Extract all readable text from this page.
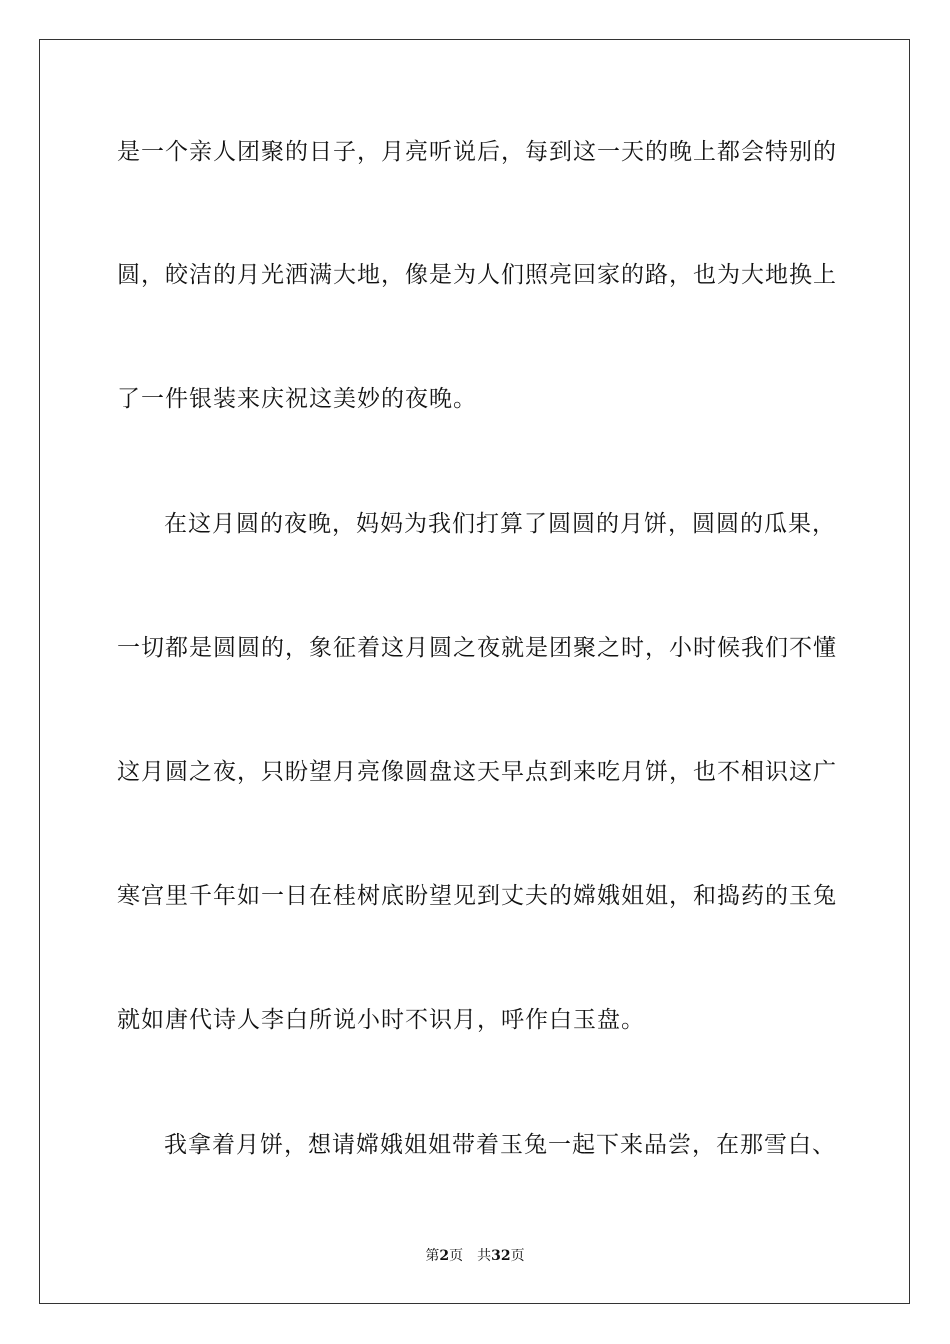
是一个亲人团聚的日子，月亮听说后，每到这一天的晚上都会特别的
圆，皎洁的月光洒满大地，像是为人们照亮回家的路，也为大地换上
了一件银装来庆祝这美妙的夜晚。
在这月圆的夜晚，妈妈为我们打算了圆圆的月饼，圆圆的瓜果，
一切都是圆圆的，象征着这月圆之夜就是团聚之时，小时候我们不懂
这月圆之夜，只盼望月亮像圆盘这天早点到来吃月饼，也不相识这广
寒宫里千年如一日在桂树底盼望见到丈夫的嫦娥姐姐，和捣药的玉兔
就如唐代诗人李白所说小时不识月，呼作白玉盘。
我拿着月饼，想请嫦娥姐姐带着玉兔一起下来品尝，在那雪白、
第2页 共32页
